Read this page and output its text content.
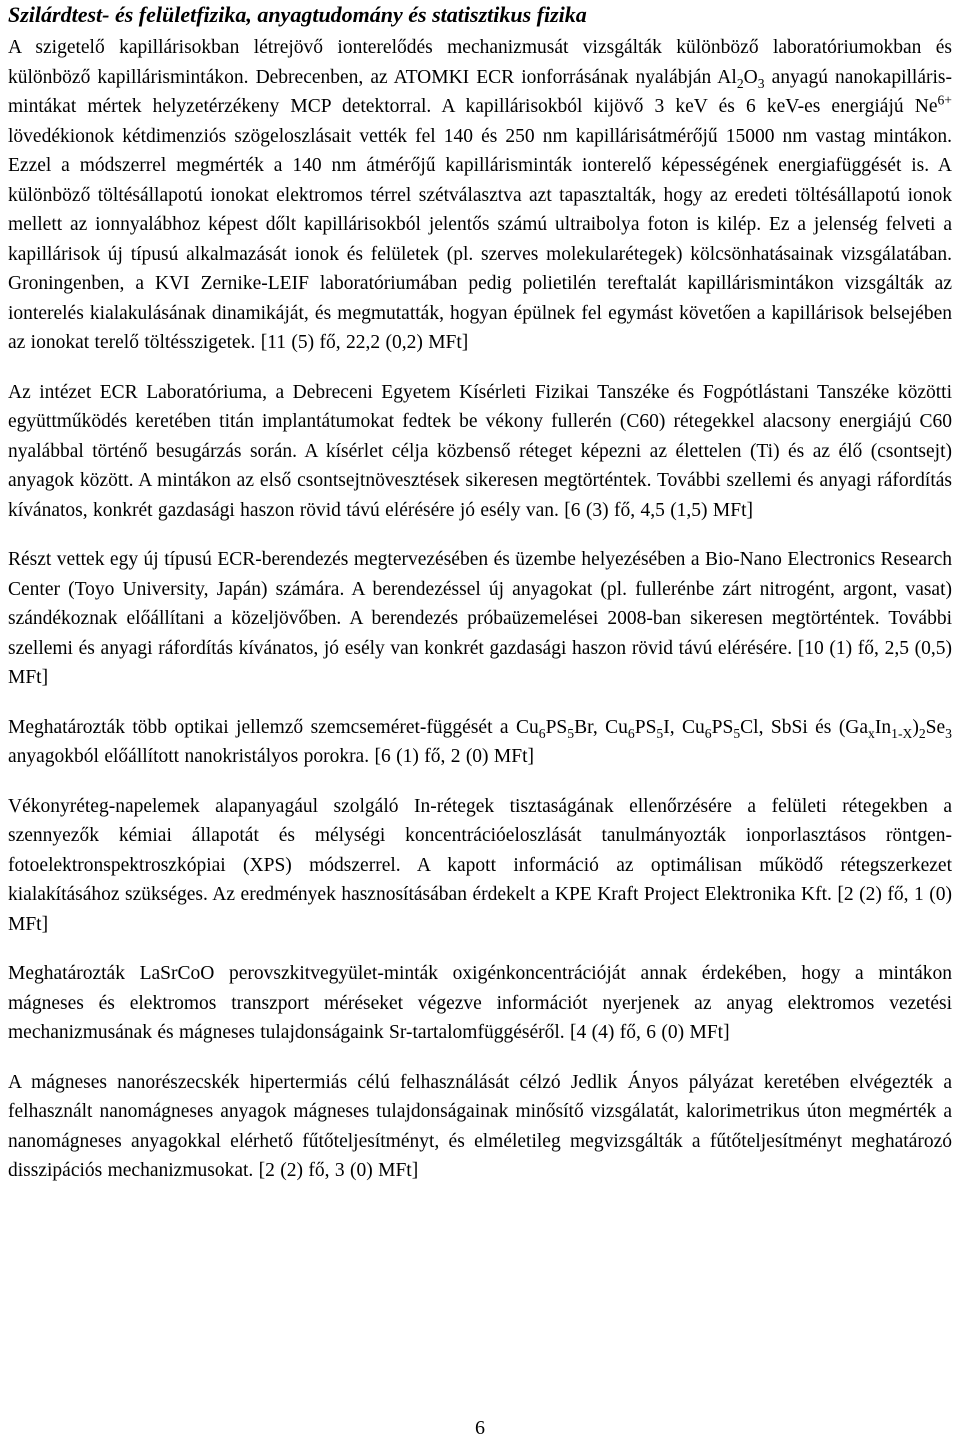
Szilárdtest- és felületfizika, anyagtudomány és statisztikus fizika

A szigetelő kapillárisokban létrejövő ionterelődés mechanizmusát vizsgálták különböző laboratóriumokban és különböző kapillárismintákon. Debrecenben, az ATOMKI ECR ionforrásának nyalábján $Al_2O_3$ anyagú nanokapilláris-mintákat mértek helyzetérzékeny MCP detektorral. A kapillárisokból kijövő 3 keV és 6 keV-es energiájú $Ne^{6+}$ lövedékionok kétdimenziós szögeloszlásait vették fel 140 és 250 nm kapillárisátmérőjű 15000 nm vastag mintákon. Ezzel a módszerrel megmérték a 140 nm átmérőjű kapillárisminták ionterelő képességének energiafüggését is. A különböző töltésállapotú ionokat elektromos térrel szétválasztva azt tapasztalták, hogy az eredeti töltésállapotú ionok mellett az ionnyalábhoz képest dőlt kapillárisokból jelentős számú ultraibolya foton is kilép. Ez a jelenség felveti a kapillárisok új típusú alkalmazását ionok és felületek (pl. szerves molekularétegek) kölcsönhatásainak vizsgálatában. Groningenben, a KVI Zernike-LEIF laboratóriumában pedig polietilén tereftalát kapillárismintákon vizsgálták az ionterelés kialakulásának dinamikáját, és megmutatták, hogyan épülnek fel egymást követően a kapillárisok belsejében az ionokat terelő töltésszigetek. [11 (5) fő, 22,2 (0,2) MFt]

Az intézet ECR Laboratóriuma, a Debreceni Egyetem Kísérleti Fizikai Tanszéke és Fogpótlástani Tanszéke közötti együttműködés keretében titán implantátumokat fedtek be vékony fullerén (C60) rétegekkel alacsony energiájú C60 nyalábbal történő besugárzás során. A kísérlet célja közbenső réteget képezni az élettelen (Ti) és az élő (csontsejt) anyagok között. A mintákon az első csontsejtnövesztések sikeresen megtörténtek. További szellemi és anyagi ráfordítás kívánatos, konkrét gazdasági haszon rövid távú elérésére jó esély van. [6 (3) fő, 4,5 (1,5) MFt]

Részt vettek egy új típusú ECR-berendezés megtervezésében és üzembe helyezésében a Bio-Nano Electronics Research Center (Toyo University, Japán) számára. A berendezéssel új anyagokat (pl. fullerénbe zárt nitrogént, argont, vasat) szándékoznak előállítani a közeljövőben. A berendezés próbaüzemelései 2008-ban sikeresen megtörténtek. További szellemi és anyagi ráfordítás kívánatos, jó esély van konkrét gazdasági haszon rövid távú elérésére. [10 (1) fő, 2,5 (0,5) MFt]

Meghatározták több optikai jellemző szemcseméret-függését a $Cu_6PS_5Br$, $Cu_6PS_5I$, $Cu_6PS_5Cl$, SbSi és $(Ga_xIn_{1-X})_2Se_3$ anyagokból előállított nanokristályos porokra. [6 (1) fő, 2 (0) MFt]

Vékonyréteg-napelemek alapanyagául szolgáló In-rétegek tisztaságának ellenőrzésére a felületi rétegekben a szennyezők kémiai állapotát és mélységi koncentrációeloszlását tanulmányozták ionporlasztásos röntgen-fotoelektronspektroszkópiai (XPS) módszerrel. A kapott információ az optimálisan működő rétegszerkezet kialakításához szükséges. Az eredmények hasznosításában érdekelt a KPE Kraft Project Elektronika Kft. [2 (2) fő, 1 (0) MFt]

Meghatározták LaSrCoO perovszkitvegyület-minták oxigénkoncentrációját annak érdekében, hogy a mintákon mágneses és elektromos transzport méréseket végezve információt nyerjenek az anyag elektromos vezetési mechanizmusának és mágneses tulajdonságaink Sr-tartalomfüggéséről. [4 (4) fő, 6 (0) MFt]

A mágneses nanorészecskék hipertermiás célú felhasználását célzó Jedlik Ányos pályázat keretében elvégezték a felhasznált nanomágneses anyagok mágneses tulajdonságainak minősítő vizsgálatát, kalorimetrikus úton megmérték a nanomágneses anyagokkal elérhető fűtőteljesítményt, és elméletileg megvizsgálták a fűtőteljesítményt meghatározó disszipációs mechanizmusokat. [2 (2) fő, 3 (0) MFt]

6
